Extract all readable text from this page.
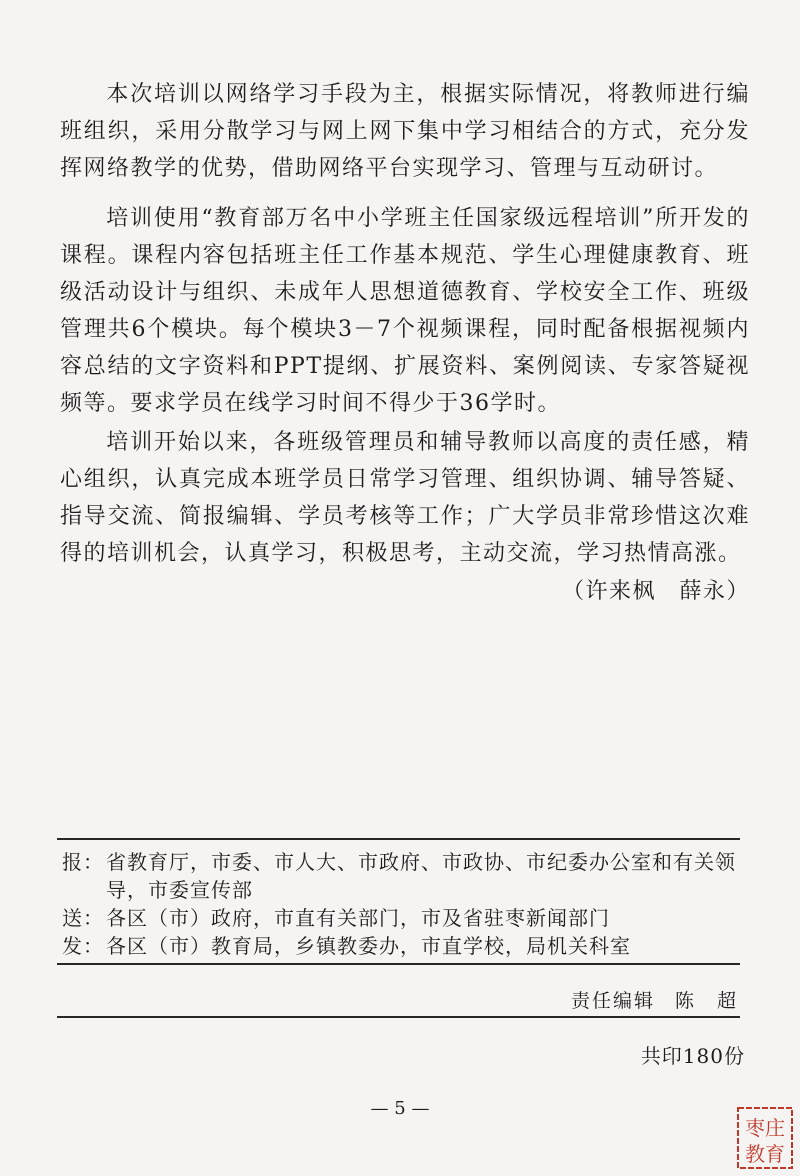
本次培训以网络学习手段为主，根据实际情况，将教师进行编班组织，采用分散学习与网上网下集中学习相结合的方式，充分发挥网络教学的优势，借助网络平台实现学习、管理与互动研讨。

培训使用“教育部万名中小学班主任国家级远程培训”所开发的课程。课程内容包括班主任工作基本规范、学生心理健康教育、班级活动设计与组织、未成年人思想道德教育、学校安全工作、班级管理共6个模块。每个模块3－7个视频课程，同时配备根据视频内容总结的文字资料和PPT提纲、扩展资料、案例阅读、专家答疑视频等。要求学员在线学习时间不得少于36学时。

培训开始以来，各班级管理员和辅导教师以高度的责任感，精心组织，认真完成本班学员日常学习管理、组织协调、辅导答疑、指导交流、简报编辑、学员考核等工作；广大学员非常珍惜这次难得的培训机会，认真学习，积极思考，主动交流，学习热情高涨。

（许来枫　薛永）
报： 省教育厅，市委、市人大、市政府、市政协、市纪委办公室和有关领导，市委宣传部
送： 各区（市）政府，市直有关部门，市及省驻枣新闻部门
发： 各区（市）教育局，乡镇教委办，市直学校，局机关科室
责任编辑 陈　超
共印180份
— 5 —
枣庄
教育
